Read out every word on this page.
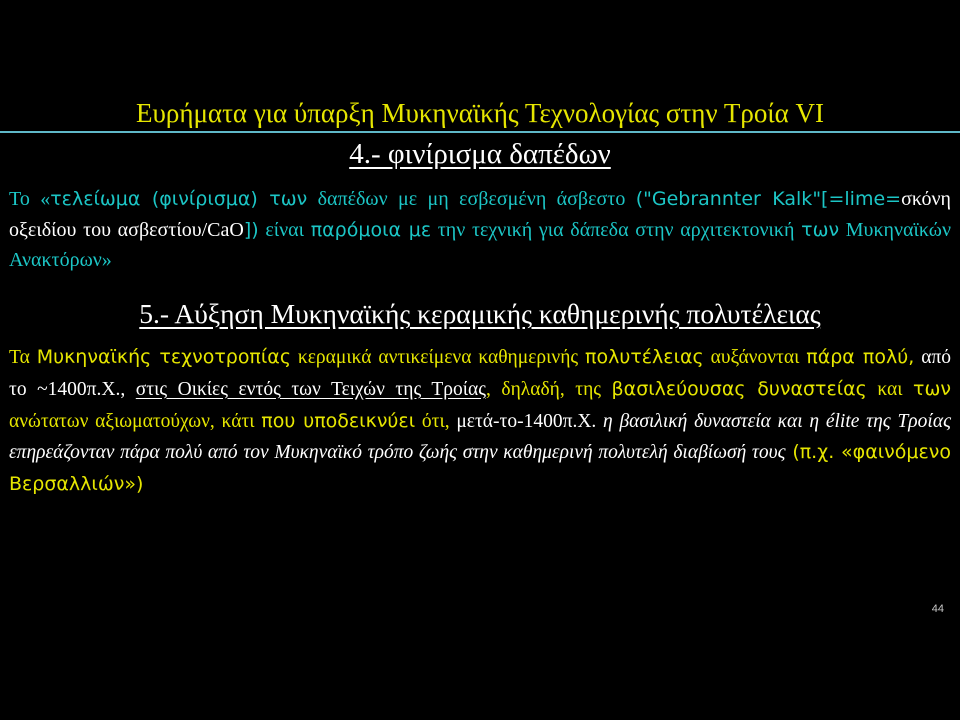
Ευρήματα για ύπαρξη Μυκηναϊκής Τεχνολογίας στην Τροία VI
4.- φινίρισμα δαπέδων
Το «τελείωμα (φινίρισμα) των δαπέδων με μη εσβεσμένη άσβεστο ("Gebrannter Kalk"[=lime=σκόνη οξειδίου του ασβεστίου/CaO]) είναι παρόμοια με την τεχνική για δάπεδα στην αρχιτεκτονική των Μυκηναϊκών Ανακτόρων»
5.- Αύξηση Μυκηναϊκής κεραμικής καθημερινής πολυτέλειας
Τα Μυκηναϊκής τεχνοτροπίας κεραμικά αντικείμενα καθημερινής πολυτέλειας αυξάνονται πάρα πολύ, από το ~1400π.Χ., στις Οικίες εντός των Τειχών της Τροίας, δηλαδή, της βασιλεύουσας δυναστείας και των ανώτατων αξιωματούχων, κάτι που υποδεικνύει ότι, μετά-το-1400π.Χ. η βασιλική δυναστεία και η élite της Τροίας επηρεάζονταν πάρα πολύ από τον Μυκηναϊκό τρόπο ζωής στην καθημερινή πολυτελή διαβίωσή τους (π.χ. «φαινόμενο Βερσαλλιών»)
44
